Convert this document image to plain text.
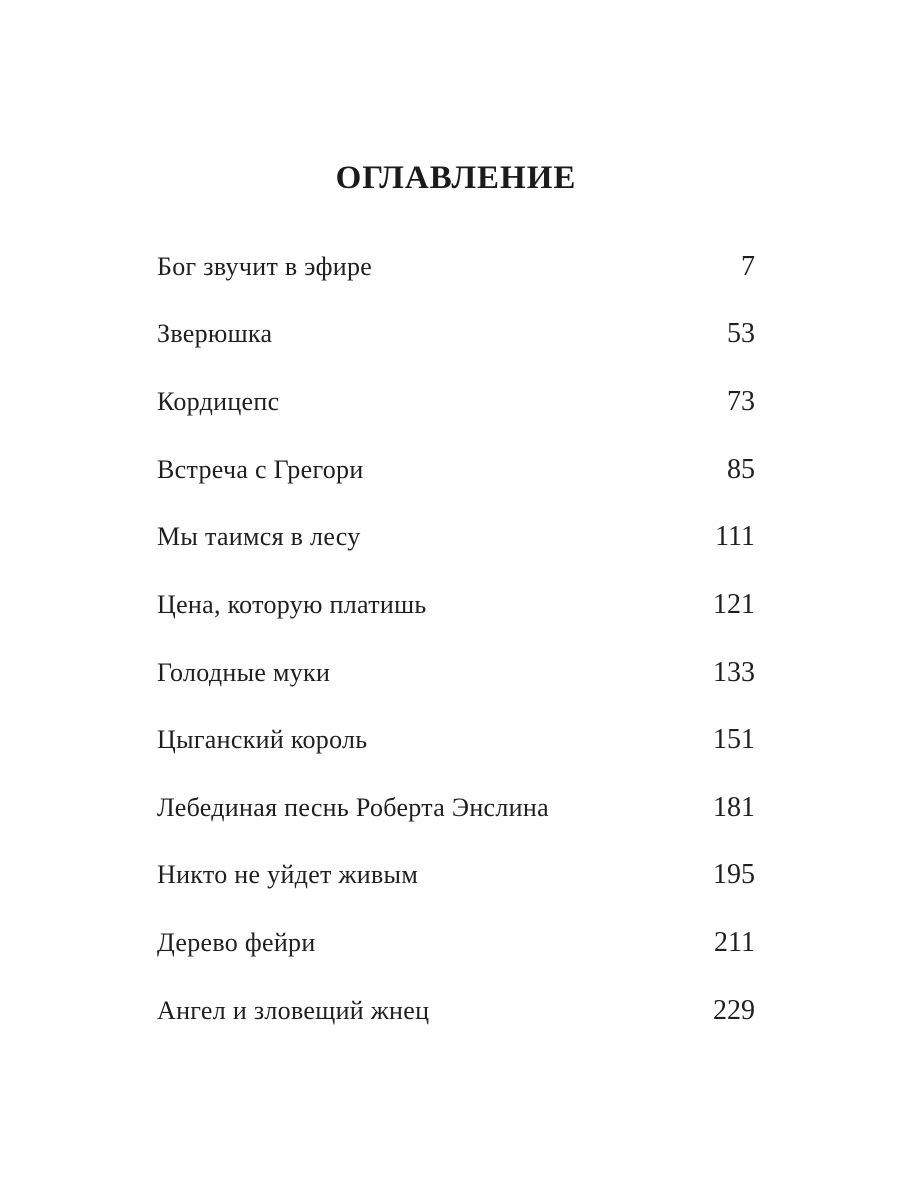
ОГЛАВЛЕНИЕ
Бог звучит в эфире	7
Зверюшка	53
Кордицепс	73
Встреча с Грегори	85
Мы таимся в лесу	111
Цена, которую платишь	121
Голодные муки	133
Цыганский король	151
Лебединая песнь Роберта Энслина	181
Никто не уйдет живым	195
Дерево фейри	211
Ангел и зловещий жнец	229
